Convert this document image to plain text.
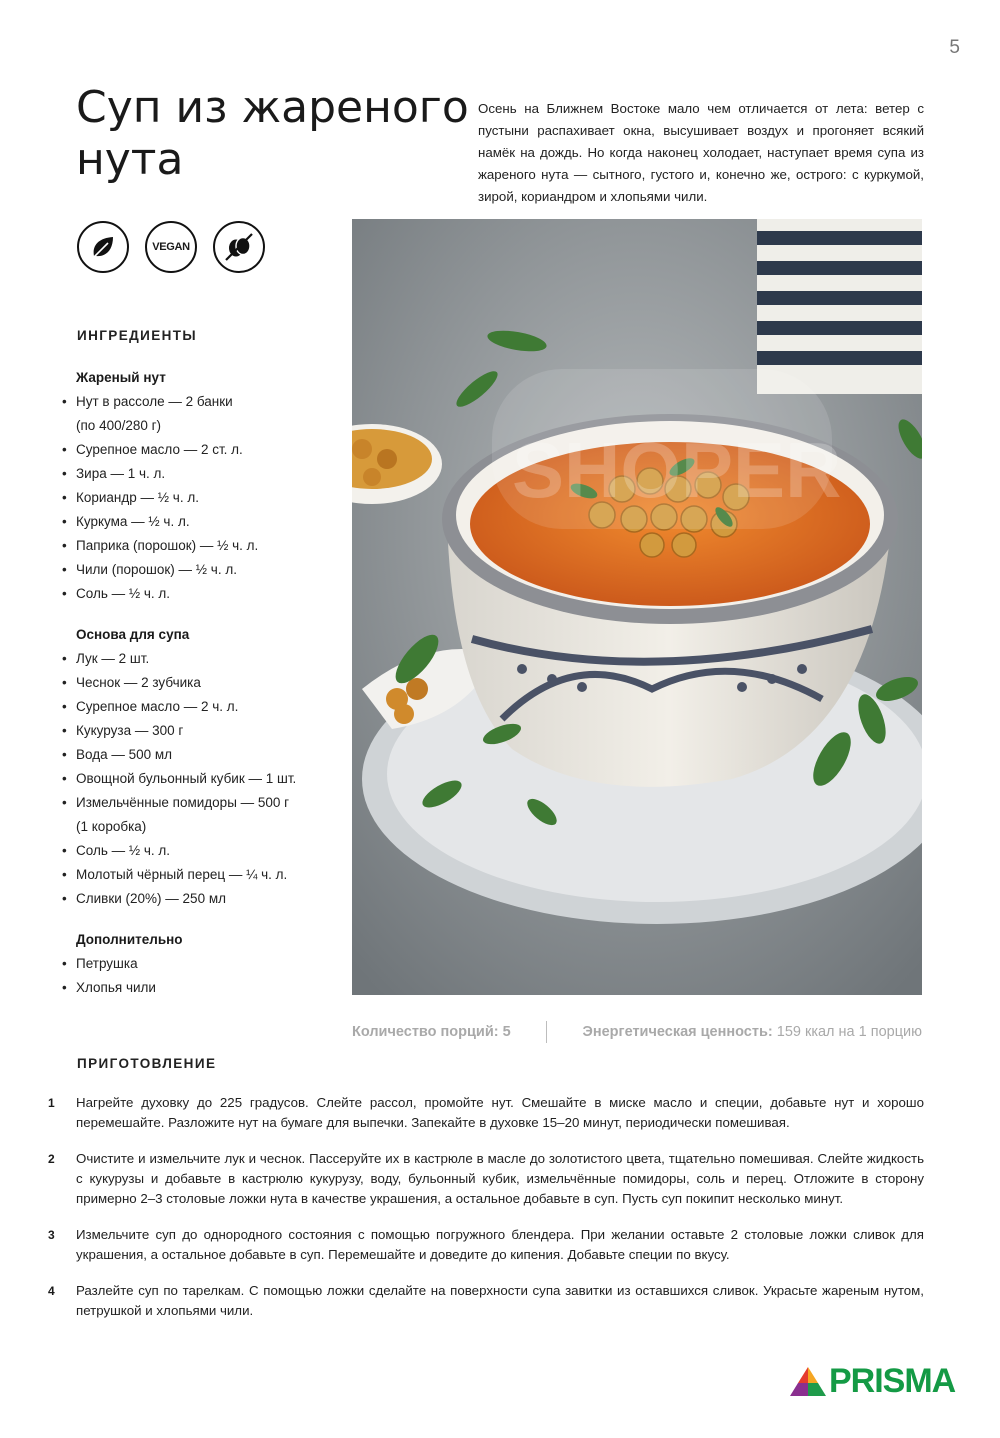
5
Суп из жареного нута

Осень на Ближнем Востоке мало чем отличается от лета: ветер с пустыни распахивает окна, высушивает воздух и прогоняет всякий намёк на дождь. Но когда наконец холодает, наступает время супа из жареного нута — сытного, густого и, конечно же, острого: с куркумой, зирой, кориандром и хлопьями чили.

VEGAN
ИНГРЕДИЕНТЫ

Жареный нут

• Нут в рассоле — 2 банки
(по 400/280 г)
• Сурепное масло — 2 ст. л.
• Зира — 1 ч. л.
• Кориандр — ½ ч. л.
• Куркума — ½ ч. л.
• Паприка (порошок) — ½ ч. л.
• Чили (порошок) — ½ ч. л.
• Соль — ½ ч. л.

Основа для супа

• Лук — 2 шт.
• Чеснок — 2 зубчика
• Сурепное масло — 2 ч. л.
• Кукуруза — 300 г
• Вода — 500 мл
• Овощной бульонный кубик — 1 шт.
• Измельчённые помидоры — 500 г
(1 коробка)
• Соль — ½ ч. л.
• Молотый чёрный перец — ¼ ч. л.
• Сливки (20%) — 250 мл

Дополнительно

• Петрушка
• Хлопья чили
SHOPER
Количество порций: 5	Энергетическая ценность: 159 ккал на 1 порцию
ПРИГОТОВЛЕНИЕ
1	Нагрейте духовку до 225 градусов. Слейте рассол, промойте нут. Смешайте в миске масло и специи, добавьте нут и хорошо перемешайте. Разложите нут на бумаге для выпечки. Запекайте в духовке 15–20 минут, периодически помешивая.

2	Очистите и измельчите лук и чеснок. Пассеруйте их в кастрюле в масле до золотистого цвета, тщательно помешивая. Слейте жидкость с кукурузы и добавьте в кастрюлю кукурузу, воду, бульонный кубик, измельчённые помидоры, соль и перец. Отложите в сторону примерно 2–3 столовые ложки нута в качестве украшения, а остальное добавьте в суп. Пусть суп покипит несколько минут.

3	Измельчите суп до однородного состояния с помощью погружного блендера. При желании оставьте 2 столовые ложки сливок для украшения, а остальное добавьте в суп. Перемешайте и доведите до кипения. Добавьте специи по вкусу.

4	Разлейте суп по тарелкам. С помощью ложки сделайте на поверхности супа завитки из оставшихся сливок. Украсьте жареным нутом, петрушкой и хлопьями чили.

PRISMA
